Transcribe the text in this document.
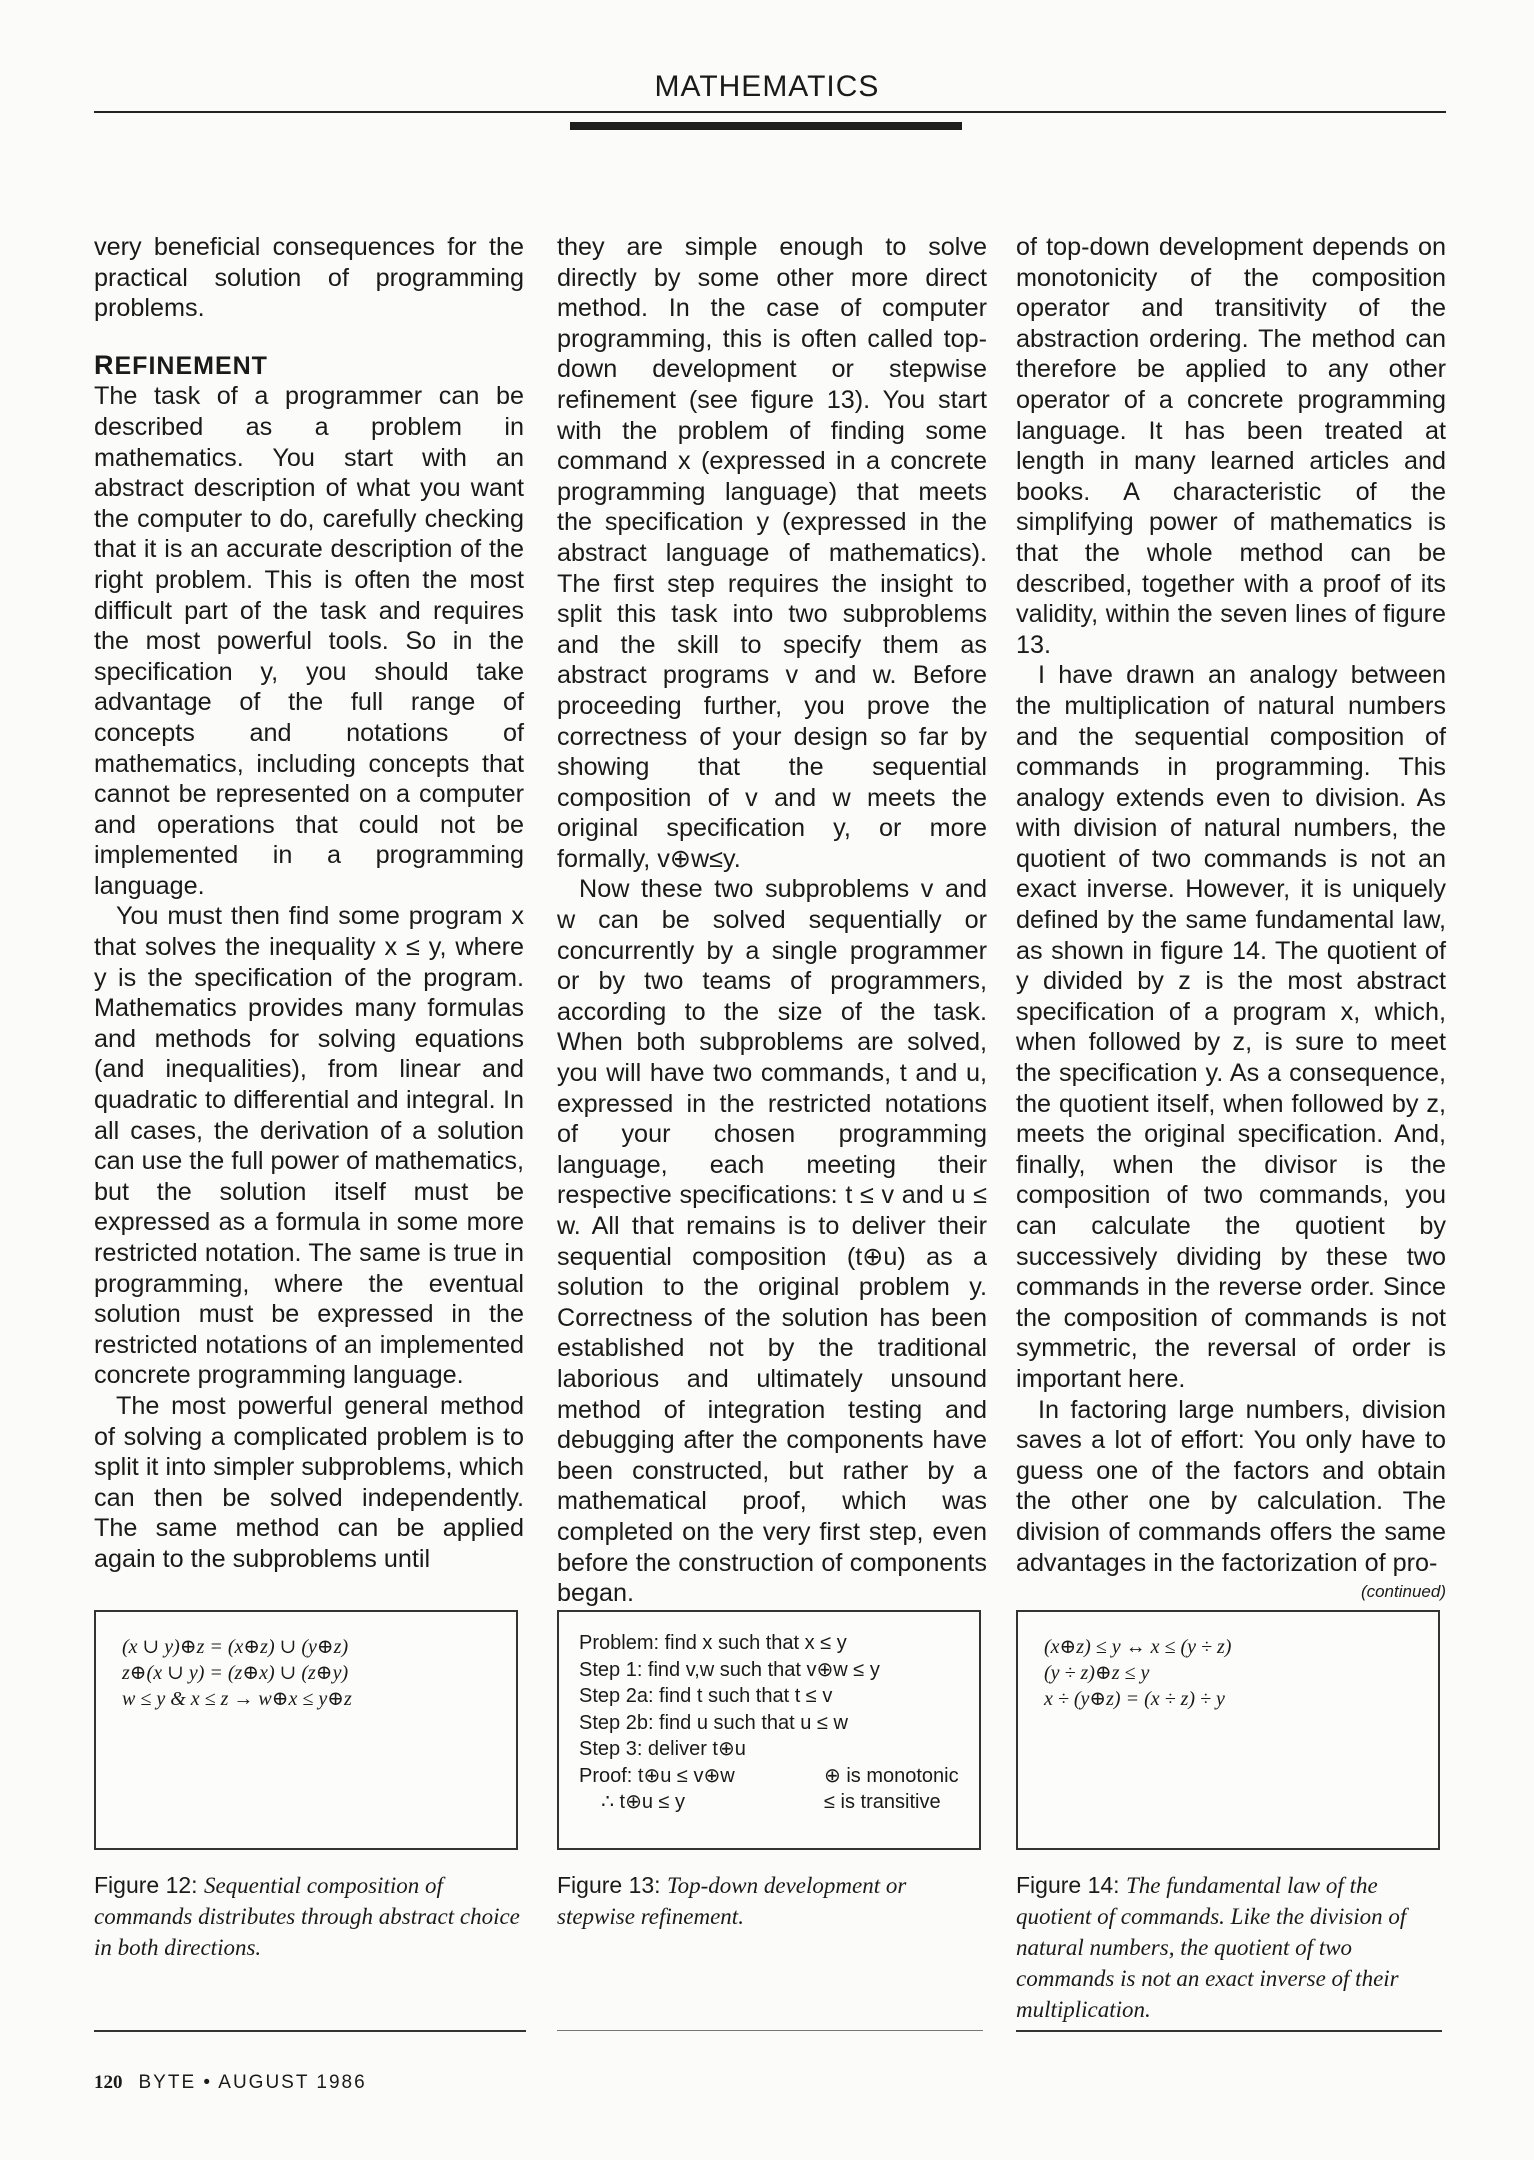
MATHEMATICS

very beneficial consequences for the practical solution of programming problems.

REFINEMENT

The task of a programmer can be described as a problem in mathematics. You start with an abstract description of what you want the computer to do, carefully checking that it is an accurate description of the right problem. This is often the most difficult part of the task and requires the most powerful tools. So in the specification y, you should take advantage of the full range of concepts and notations of mathematics, including concepts that cannot be represented on a computer and operations that could not be implemented in a programming language.

You must then find some program x that solves the inequality x ≤ y, where y is the specification of the program. Mathematics provides many formulas and methods for solving equations (and inequalities), from linear and quadratic to differential and integral. In all cases, the derivation of a solution can use the full power of mathematics, but the solution itself must be expressed as a formula in some more restricted notation. The same is true in programming, where the eventual solution must be expressed in the restricted notations of an implemented concrete programming language.

The most powerful general method of solving a complicated problem is to split it into simpler subproblems, which can then be solved independently. The same method can be applied again to the subproblems until

they are simple enough to solve directly by some other more direct method. In the case of computer programming, this is often called top-down development or stepwise refinement (see figure 13). You start with the problem of finding some command x (expressed in a concrete programming language) that meets the specification y (expressed in the abstract language of mathematics). The first step requires the insight to split this task into two subproblems and the skill to specify them as abstract programs v and w. Before proceeding further, you prove the correctness of your design so far by showing that the sequential composition of v and w meets the original specification y, or more formally, v⊕w≤y.

Now these two subproblems v and w can be solved sequentially or concurrently by a single programmer or by two teams of programmers, according to the size of the task. When both subproblems are solved, you will have two commands, t and u, expressed in the restricted notations of your chosen programming language, each meeting their respective specifications: t ≤ v and u ≤ w. All that remains is to deliver their sequential composition (t⊕u) as a solution to the original problem y. Correctness of the solution has been established not by the traditional laborious and ultimately unsound method of integration testing and debugging after the components have been constructed, but rather by a mathematical proof, which was completed on the very first step, even before the construction of components began.

of top-down development depends on monotonicity of the composition operator and transitivity of the abstraction ordering. The method can therefore be applied to any other operator of a concrete programming language. It has been treated at length in many learned articles and books. A characteristic of the simplifying power of mathematics is that the whole method can be described, together with a proof of its validity, within the seven lines of figure 13.

I have drawn an analogy between the multiplication of natural numbers and the sequential composition of commands in programming. This analogy extends even to division. As with division of natural numbers, the quotient of two commands is not an exact inverse. However, it is uniquely defined by the same fundamental law, as shown in figure 14. The quotient of y divided by z is the most abstract specification of a program x, which, when followed by z, is sure to meet the specification y. As a consequence, the quotient itself, when followed by z, meets the original specification. And, finally, when the divisor is the composition of two commands, you can calculate the quotient by successively dividing by these two commands in the reverse order. Since the composition of commands is not symmetric, the reversal of order is important here.

In factoring large numbers, division saves a lot of effort: You only have to guess one of the factors and obtain the other one by calculation. The division of commands offers the same advantages in the factorization of pro-

(continued)
(x ∪ y)⊕z = (x⊕z) ∪ (y⊕z)
z⊕(x ∪ y) = (z⊕x) ∪ (z⊕y)
w ≤ y & x ≤ z → w⊕x ≤ y⊕z
Problem: find x such that x ≤ y
Step 1: find v,w such that v⊕w ≤ y
Step 2a: find t such that t ≤ v
Step 2b: find u such that u ≤ w
Step 3: deliver t⊕u
Proof: t⊕u ≤ v⊕w	⊕ is monotonic
∴ t⊕u ≤ y	≤ is transitive
(x⊕z) ≤ y ↔ x ≤ (y ÷ z)
(y ÷ z)⊕z ≤ y
x ÷ (y⊕z) = (x ÷ z) ÷ y
Figure 12: Sequential composition of commands distributes through abstract choice in both directions.
Figure 13: Top-down development or stepwise refinement.
Figure 14: The fundamental law of the quotient of commands. Like the division of natural numbers, the quotient of two commands is not an exact inverse of their multiplication.
120 BYTE • AUGUST 1986
